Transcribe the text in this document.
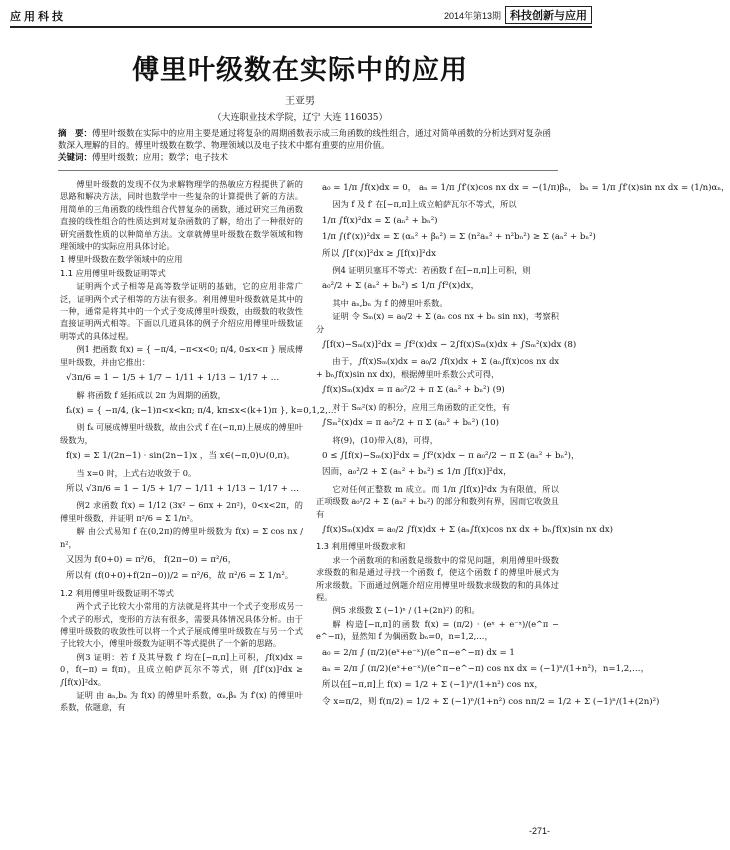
应用科技	2014年第13期 科技创新与应用
傅里叶级数在实际中的应用
王亚男
（大连职业技术学院，辽宁 大连 116035）
摘　要：傅里叶级数在实际中的应用主要是通过将复杂的周期函数表示成三角函数的线性组合，通过对简单函数的分析达到对复杂函数深入理解的目的。傅里叶级数在数学、物理领域以及电子技术中都有重要的应用价值。
关键词：傅里叶级数；应用；数学；电子技术

傅里叶级数的发现不仅为求解物理学的热敏应方程提供了新的思路和解决方法，同时也数学中一些复杂的计算提供了新的方法。用简单的三角函数的线性组合代替复杂的函数，通过研究三角函数直接的线性组合的性质达到对复杂函数的了解，给出了一种很好的研究函数性质的以种简单方法。文章就傅里叶级数在数学领域和物理领域中的实际应用具体讨论。

1 傅里叶级数在数学领域中的应用
1.1 应用傅里叶级数证明等式

证明两个式子相等是高等数学证明的基础，它的应用非常广泛，证明两个式子相等的方法有很多。利用傅里叶级数就是其中的一种，通常是将其中的一个式子变成傅里叶级数，由级数的收敛性直接证明两式相等。下面以几道具体的例子介绍应用傅里叶级数证明等式的具体过程。

例1 把函数 f(x) = { −π/4, −π<x<0; π/4, 0≤x<π } 展成傅里叶级数，并由它推出：

√3π/6 = 1 − 1/5 + 1/7 − 1/11 + 1/13 − 1/17 + …

解 将函数 f 延拓成以 2π 为周期的函数，

fₖ(x) = { −π/4, (k−1)π<x<kπ; π/4, kπ≤x<(k+1)π }, k=0,1,2,…

则 fₖ 可展成傅里叶级数，故由公式 f 在(−π,π)上展成的傅里叶级数为，

f(x) = Σ 1/(2n−1) · sin(2n−1)x ，当 x∈(−π,0)∪(0,π)。

当 x=0 时，上式右边收敛于 0。

所以 √3π/6 = 1 − 1/5 + 1/7 − 1/11 + 1/13 − 1/17 + …

例2 求函数 f(x) = 1/12 (3x² − 6πx + 2π²)，0<x<2π，的傅里叶级数，并证明 π²/6 = Σ 1/n²。

解 由公式易知 f 在(0,2π)的傅里叶级数为 f(x) = Σ cos nx / n²，

又因为 f(0+0) = π²/6， f(2π−0) = π²/6，
所以有 (f(0+0)+f(2π−0))/2 = π²/6，故 π²/6 = Σ 1/n²。
1.2 利用傅里叶级数证明不等式

两个式子比较大小常用的方法就是将其中一个式子变形成另一个式子的形式，变形的方法有很多，需要具体情况具体分析。由于傅里叶级数的收敛性可以将一个式子展成傅里叶级数在与另一个式子比较大小，傅里叶级数为证明不等式提供了一个新的思路。

例3 证明：若 f 及其导数 f′ 均在[−π,π]上可积，∫f(x)dx = 0，f(−π) = f(π)，且成立帕萨瓦尔不等式，则 ∫[f′(x)]²dx ≥ ∫[f(x)]²dx。

证明 由 aₙ,bₙ 为 f(x) 的傅里叶系数，αₙ,βₙ 为 f′(x) 的傅里叶系数，依题意，有

a₀ = 1/π ∫f(x)dx = 0， aₙ = 1/π ∫f′(x)cos nx dx = −(1/π)βₙ， bₙ = 1/π ∫f′(x)sin nx dx = (1/n)αₙ，

因为 f 及 f′ 在[−π,π]上成立帕萨瓦尔不等式，所以

1/π ∫f(x)²dx = Σ (aₙ² + bₙ²)
1/π ∫(f′(x))²dx = Σ (αₙ² + βₙ²) = Σ (n²aₙ² + n²bₙ²) ≥ Σ (aₙ² + bₙ²)
所以 ∫[f′(x)]²dx ≥ ∫[f(x)]²dx

例4 证明贝塞耳不等式：若函数 f 在[−π,π]上可积，则

a₀²/2 + Σ (aₙ² + bₙ²) ≤ 1/π ∫f²(x)dx，

其中 aₙ,bₙ 为 f 的傅里叶系数。

证明 令 Sₘ(x) = a₀/2 + Σ (aₙ cos nx + bₙ sin nx)，考察积分

∫[f(x)−Sₘ(x)]²dx = ∫f²(x)dx − 2∫f(x)Sₘ(x)dx + ∫Sₘ²(x)dx (8)

由于，∫f(x)Sₘ(x)dx = a₀/2 ∫f(x)dx + Σ (aₙ∫f(x)cos nx dx + bₙ∫f(x)sin nx dx)，根据傅里叶系数公式可得，

∫f(x)Sₘ(x)dx = π a₀²/2 + π Σ (aₙ² + bₙ²) (9)

对于 Sₘ²(x) 的积分，应用三角函数的正交性，有

∫Sₘ²(x)dx = π a₀²/2 + π Σ (aₙ² + bₙ²) (10)

将(9)，(10)带入(8)，可得，

0 ≤ ∫[f(x)−Sₘ(x)]²dx = ∫f²(x)dx − π a₀²/2 − π Σ (aₙ² + bₙ²)，
因而，a₀²/2 + Σ (aₙ² + bₙ²) ≤ 1/π ∫[f(x)]²dx，

它对任何正整数 m 成立。而 1/π ∫[f(x)]²dx 为有限值，所以正项级数 a₀²/2 + Σ (aₙ² + bₙ²) 的部分和数列有界，因而它收敛且有

∫f(x)Sₘ(x)dx = a₀/2 ∫f(x)dx + Σ (aₙ∫f(x)cos nx dx + bₙ∫f(x)sin nx dx)
1.3 利用傅里叶级数求和

求一个函数项的和函数是级数中的常见问题，利用傅里叶级数求级数的和是通过寻找一个函数 f，使这个函数 f 的傅里叶展式为所求级数。下面通过例题介绍应用傅里叶级数求级数的和的具体过程。

例5 求级数 Σ (−1)ⁿ / (1+(2n)²) 的和。

解 构造[−π,π]的函数 f(x) = (π/2) · (eˣ + e⁻ˣ)/(e^π − e^−π)，显然知 f 为偶函数 bₙ=0，n=1,2,…，

a₀ = 2/π ∫ (π/2)(eˣ+e⁻ˣ)/(e^π−e^−π) dx = 1
aₙ = 2/π ∫ (π/2)(eˣ+e⁻ˣ)/(e^π−e^−π) cos nx dx = (−1)ⁿ/(1+n²)，n=1,2,…，
所以在[−π,π]上 f(x) = 1/2 + Σ (−1)ⁿ/(1+n²) cos nx，
令 x=π/2，则 f(π/2) = 1/2 + Σ (−1)ⁿ/(1+n²) cos nπ/2 = 1/2 + Σ (−1)ⁿ/(1+(2n)²)
-271-
